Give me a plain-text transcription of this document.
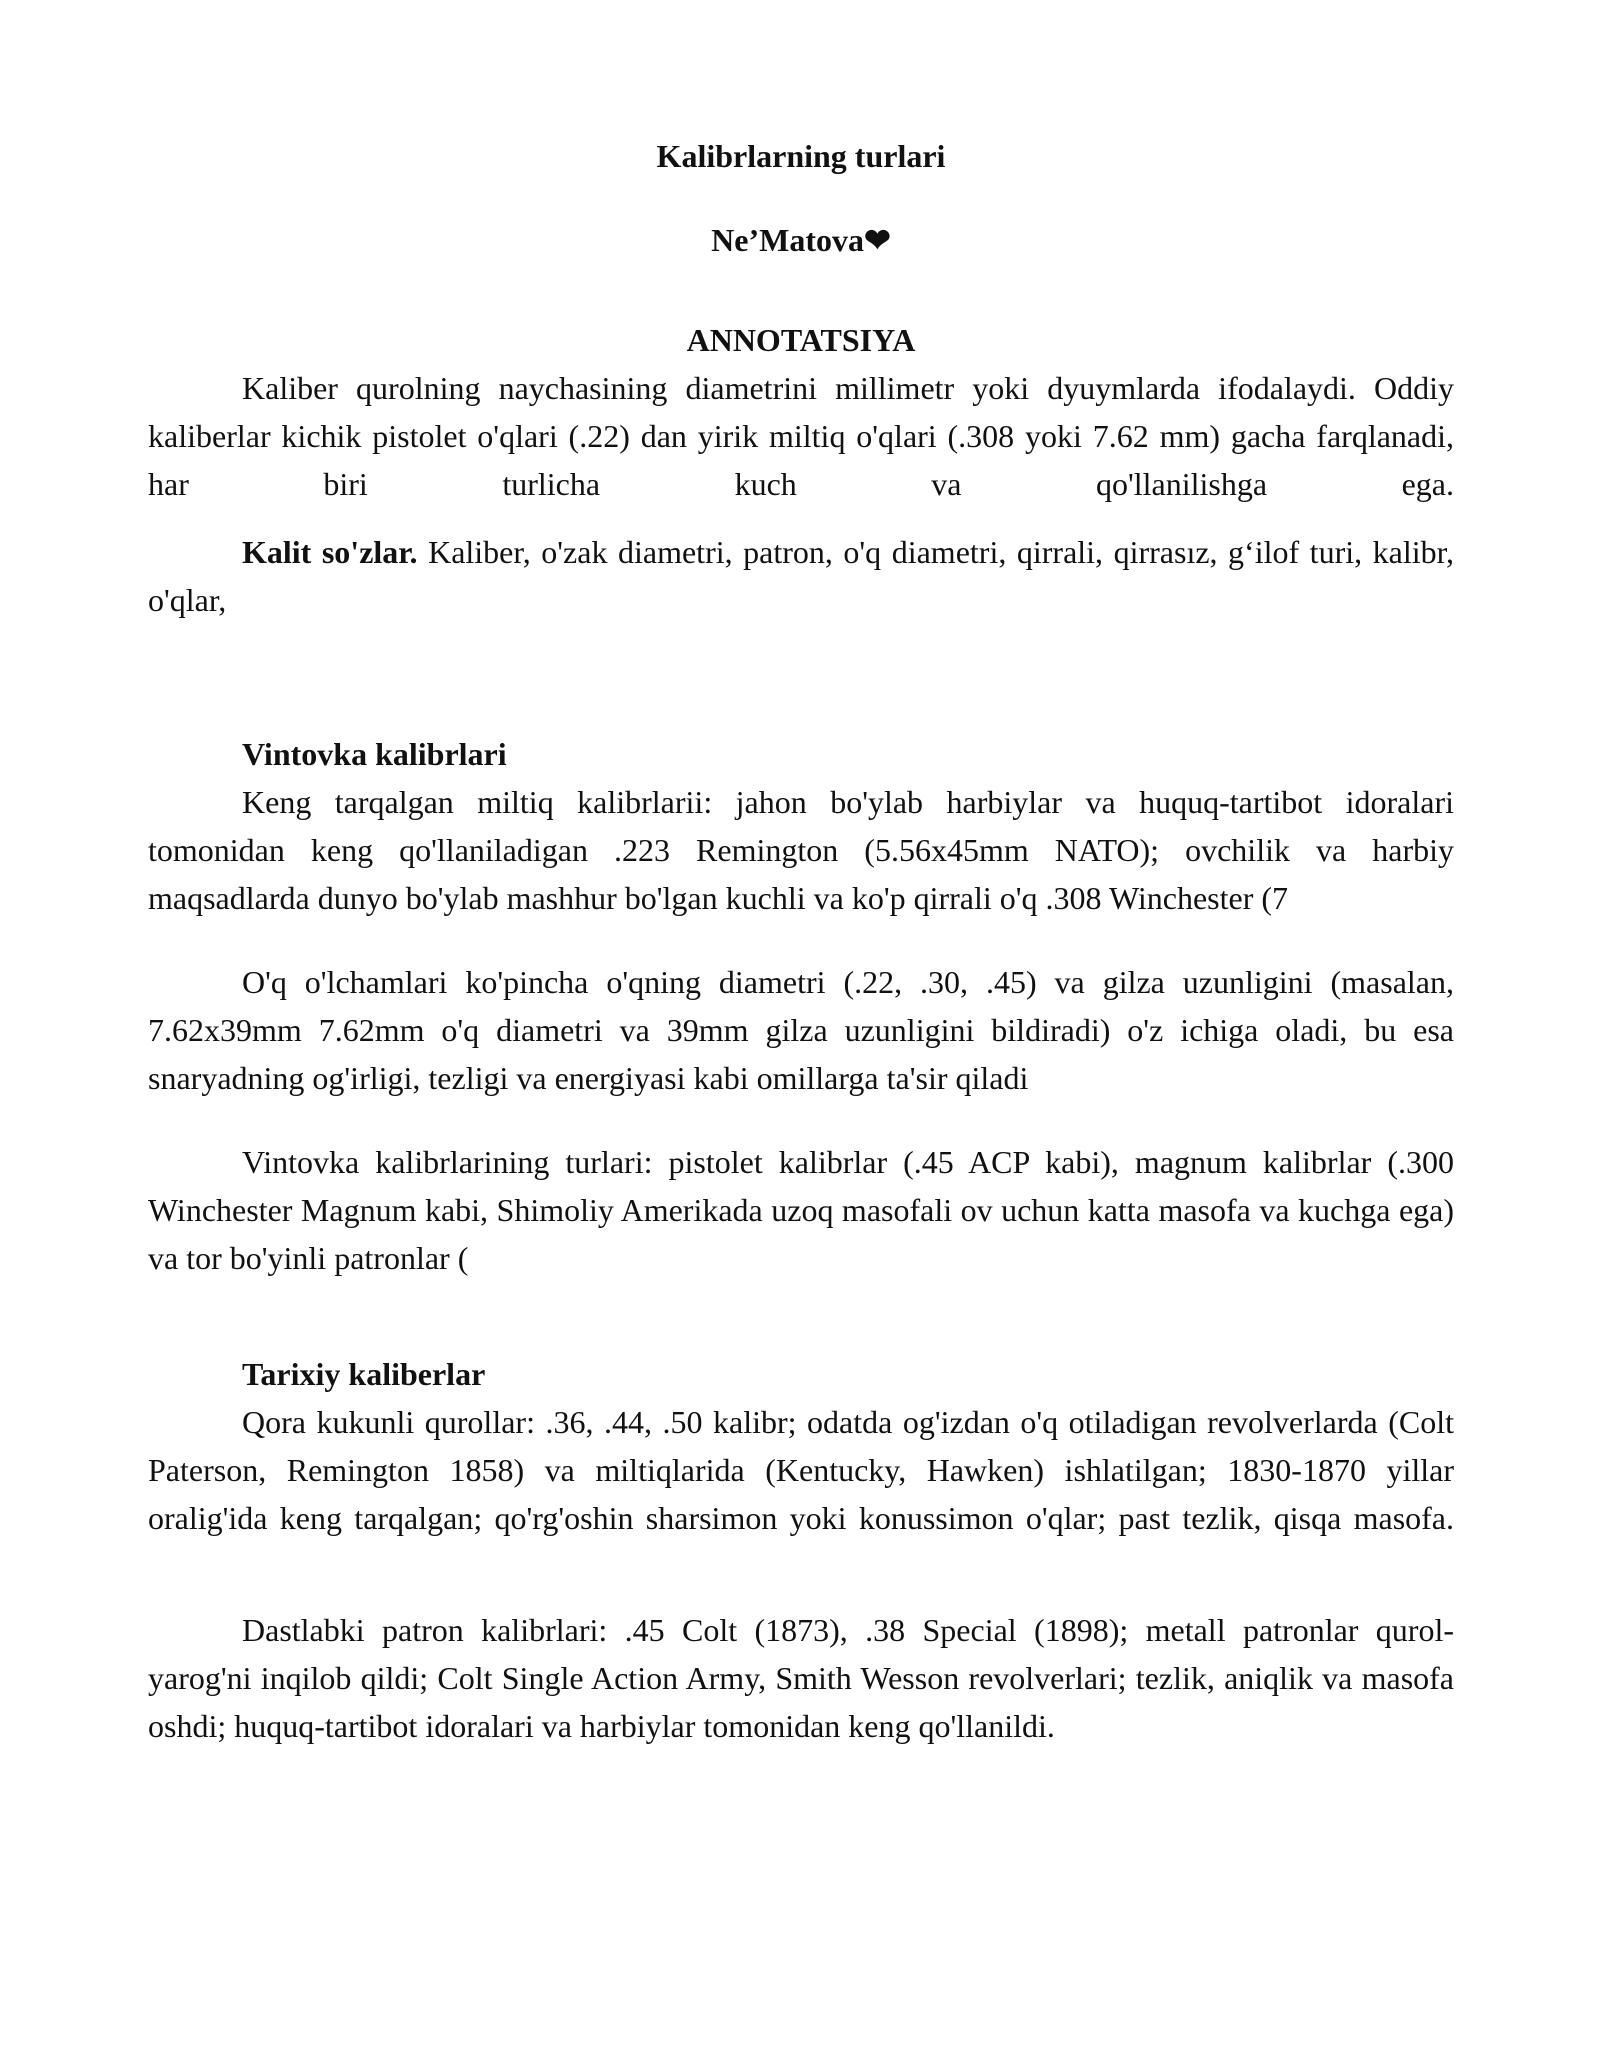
Kalibrlarning turlari

Ne’Matova❤

ANNOTATSIYA

Kaliber qurolning naychasining diametrini millimetr yoki dyuymlarda ifodalaydi. Oddiy kaliberlar kichik pistolet o'qlari (.22) dan yirik miltiq o'qlari (.308 yoki 7.62 mm) gacha farqlanadi, har biri turlicha kuch va qo'llanilishga ega.

Kalit so'zlar. Kaliber, o'zak diametri, patron, o'q diametri, qirrali, qirrasız, g‘ilof turi, kalibr, o'qlar,

Vintovka kalibrlari

Keng tarqalgan miltiq kalibrlarii: jahon bo'ylab harbiylar va huquq-tartibot idoralari tomonidan keng qo'llaniladigan .223 Remington (5.56x45mm NATO); ovchilik va harbiy maqsadlarda dunyo bo'ylab mashhur bo'lgan kuchli va ko'p qirrali o'q .308 Winchester (7

O'q o'lchamlari ko'pincha o'qning diametri (.22, .30, .45) va gilza uzunligini (masalan, 7.62x39mm 7.62mm o'q diametri va 39mm gilza uzunligini bildiradi) o'z ichiga oladi, bu esa snaryadning og'irligi, tezligi va energiyasi kabi omillarga ta'sir qiladi

Vintovka kalibrlarining turlari: pistolet kalibrlar (.45 ACP kabi), magnum kalibrlar (.300 Winchester Magnum kabi, Shimoliy Amerikada uzoq masofali ov uchun katta masofa va kuchga ega) va tor bo'yinli patronlar (

Tarixiy kaliberlar

Qora kukunli qurollar: .36, .44, .50 kalibr; odatda og'izdan o'q otiladigan revolverlarda (Colt Paterson, Remington 1858) va miltiqlarida (Kentucky, Hawken) ishlatilgan; 1830-1870 yillar oralig'ida keng tarqalgan; qo'rg'oshin sharsimon yoki konussimon o'qlar; past tezlik, qisqa masofa.

Dastlabki patron kalibrlari: .45 Colt (1873), .38 Special (1898); metall patronlar qurol-yarog'ni inqilob qildi; Colt Single Action Army, Smith Wesson revolverlari; tezlik, aniqlik va masofa oshdi; huquq-tartibot idoralari va harbiylar tomonidan keng qo'llanildi.
